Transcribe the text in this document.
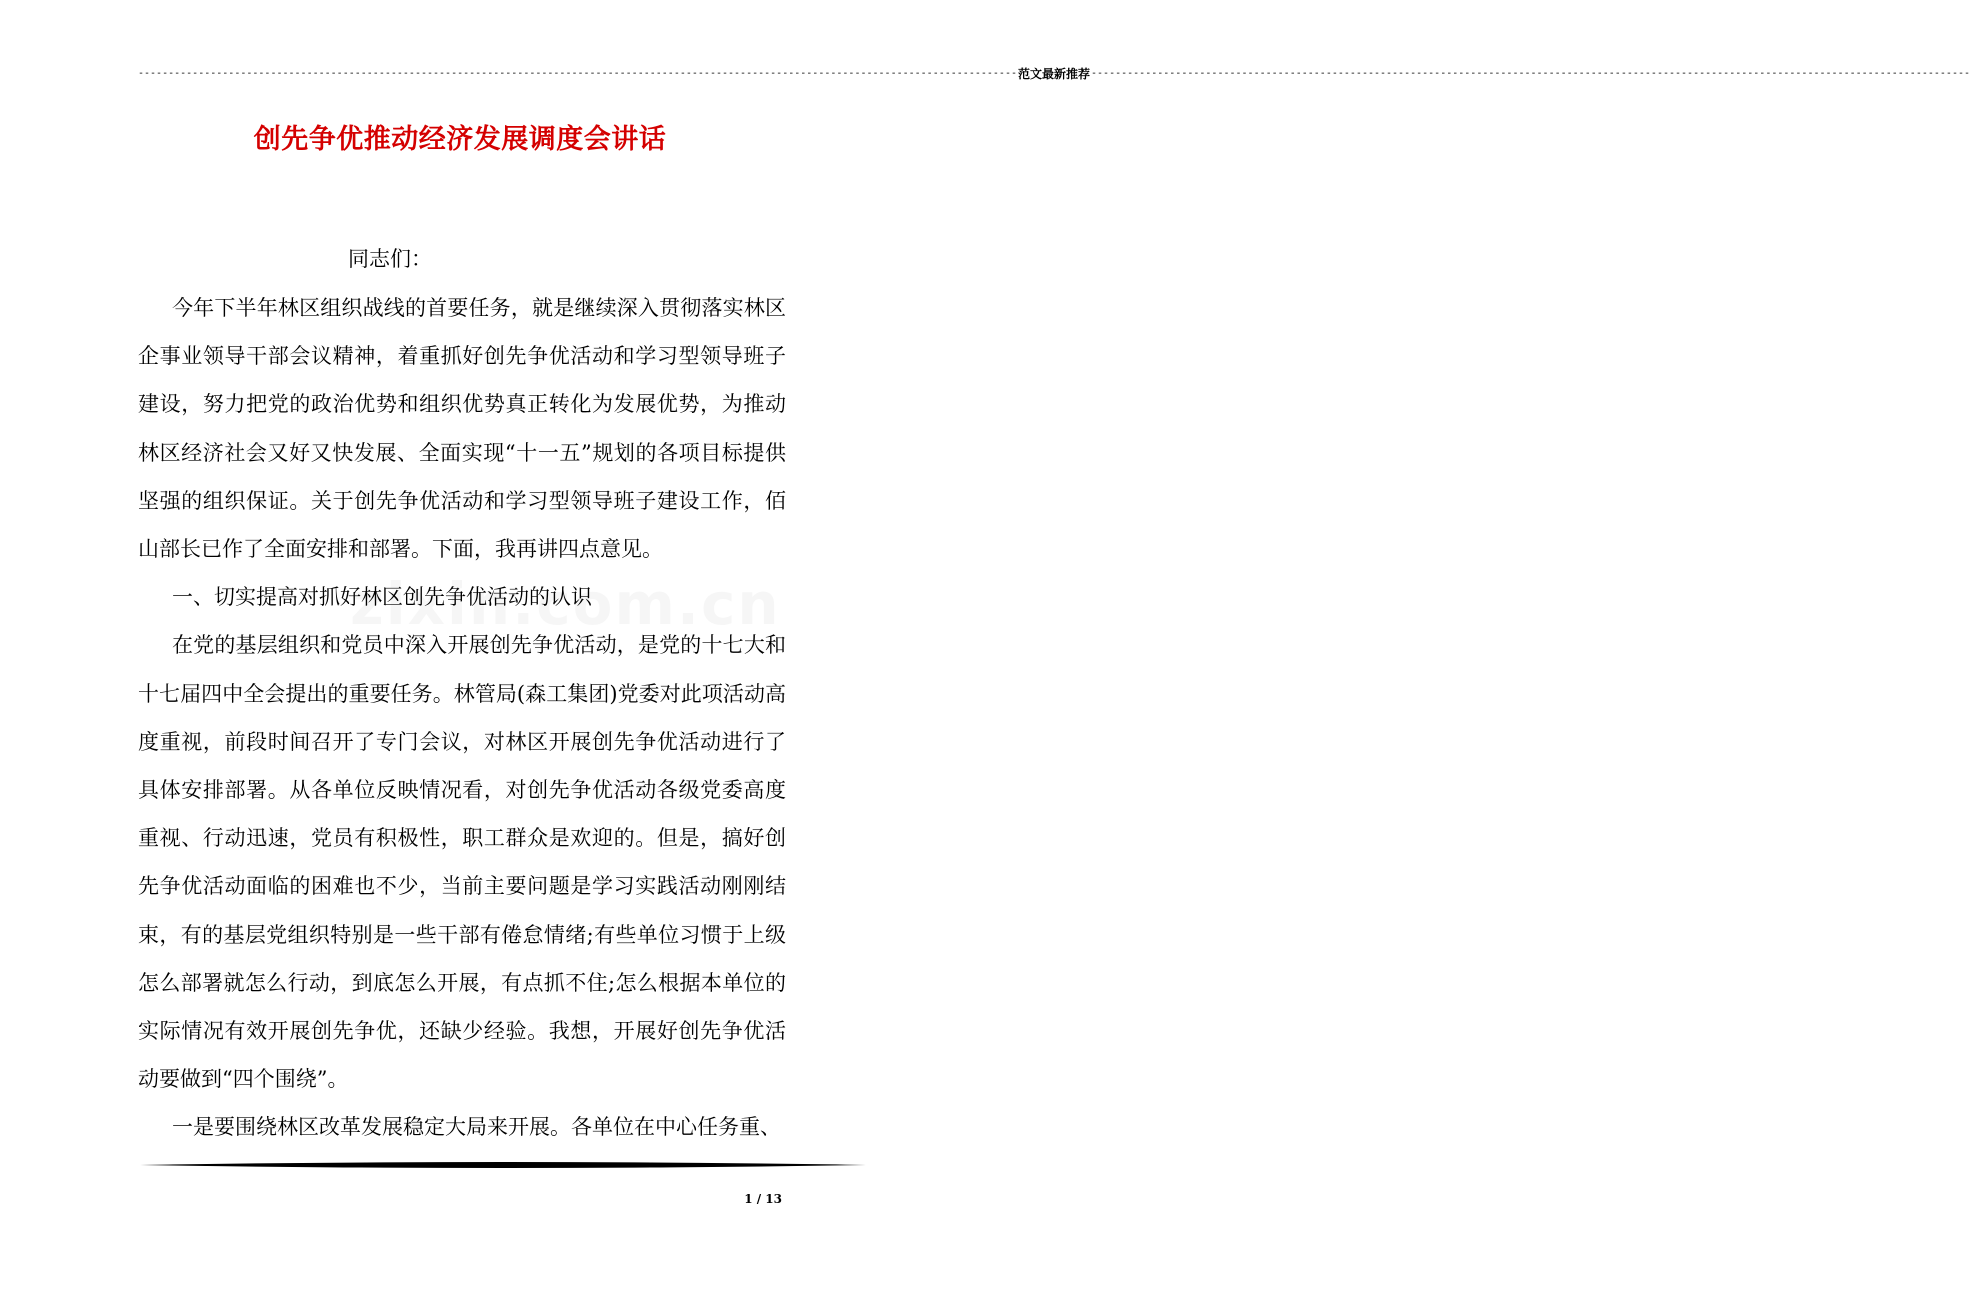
-------------------------------------------------------------------------------------------------------------------------------------------------- 范文最新推荐 --------------------------------------------------------------------------------------------------------------------------------------------------
创先争优推动经济发展调度会讲话

同志们：

今年下半年林区组织战线的首要任务，就是继续深入贯彻落实林区企事业领导干部会议精神，着重抓好创先争优活动和学习型领导班子建设，努力把党的政治优势和组织优势真正转化为发展优势，为推动林区经济社会又好又快发展、全面实现“十一五”规划的各项目标提供坚强的组织保证。关于创先争优活动和学习型领导班子建设工作，佰山部长已作了全面安排和部署。下面，我再讲四点意见。

一、切实提高对抓好林区创先争优活动的认识

在党的基层组织和党员中深入开展创先争优活动，是党的十七大和十七届四中全会提出的重要任务。林管局(森工集团)党委对此项活动高度重视，前段时间召开了专门会议，对林区开展创先争优活动进行了具体安排部署。从各单位反映情况看，对创先争优活动各级党委高度重视、行动迅速，党员有积极性，职工群众是欢迎的。但是，搞好创先争优活动面临的困难也不少，当前主要问题是学习实践活动刚刚结束，有的基层党组织特别是一些干部有倦怠情绪;有些单位习惯于上级怎么部署就怎么行动，到底怎么开展，有点抓不住;怎么根据本单位的实际情况有效开展创先争优，还缺少经验。我想，开展好创先争优活动要做到“四个围绕”。

一是要围绕林区改革发展稳定大局来开展。各单位在中心任务重、

1 / 13
